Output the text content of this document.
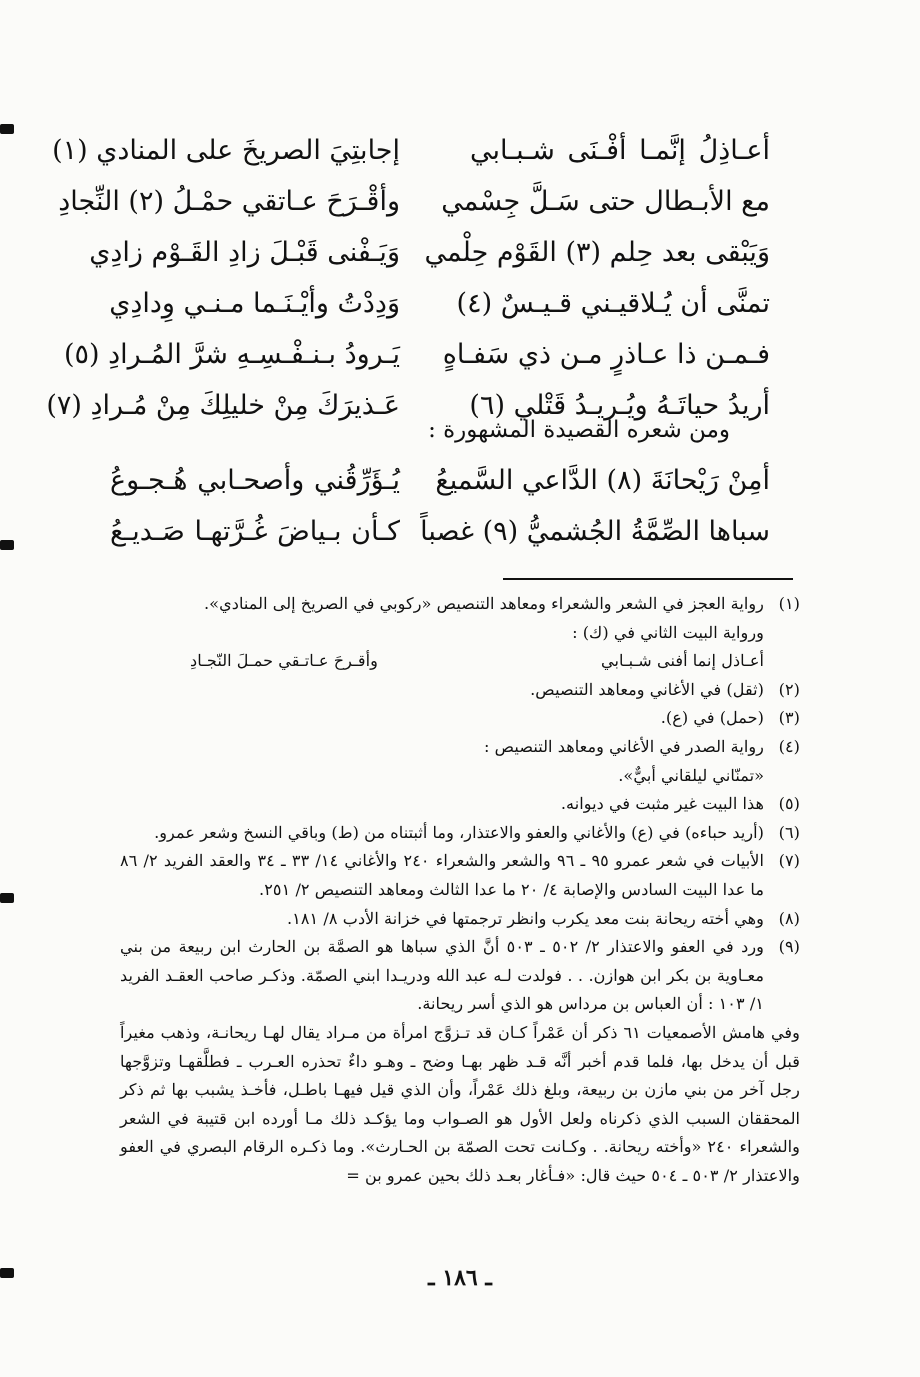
أعـاذِلُ إنَّمـا أفْـنَى شـبـابي
إجابتِيَ الصريخَ على المنادي (١)
مع الأبـطال حتى سَـلَّ جِسْمي
وأقْـرَحَ عـاتقي حمْـلُ (٢) النِّجادِ
وَيَبْقى بعد حِلم (٣) القَوْم حِلْمي
وَيَـفْنى قَبْـلَ زادِ القَـوْم زادِي
تمنَّى أن يُـلاقيـني قـيـسٌ (٤)
وَدِدْتُ وأيْـنَـما مـنـي وِدادِي
فـمـن ذا عـاذرٍ مـن ذي سَفـاهٍ
يَـرودُ بـنـفْـسِـهِ شرَّ المُـرادِ (٥)
أريدُ حياتَـهُ ويُـريـدُ قَتْلي (٦)
عَـذيرَكَ مِنْ خليلِكَ مِنْ مُـرادِ (٧)
ومن شعره القصيدة المشهورة :
أمِنْ رَيْحانَةَ (٨) الدَّاعي السَّميعُ
يُـؤَرِّقُني وأصحـابي هُـجـوعُ
سباها الصِّمَّةُ الجُشميُّ (٩) غصباً
كـأن بـياضَ غُـرَّتهـا صَـديـعُ
(١)
رواية العجز في الشعر والشعراء ومعاهد التنصيص «ركوبي في الصريخ إلى المنادي».
ورواية البيت الثاني في (ك) :
أعـاذل إنما أفنى شـبـابي
وأقـرحَ عـاتـقي حمـلَ النّجـادِ
(٢)
(ثقل) في الأغاني ومعاهد التنصيص.
(٣)
(حمل) في (ع).
(٤)
رواية الصدر في الأغاني ومعاهد التنصيص :
«تمنّاني ليلقاني أبيٌّ».
(٥)
هذا البيت غير مثبت في ديوانه.
(٦)
(أريد حباءه) في (ع) والأغاني والعفو والاعتذار، وما أثبتناه من (ط) وباقي النسخ وشعر عمرو.
(٧)
الأبيات في شعر عمرو ٩٥ ـ ٩٦ والشعر والشعراء ٢٤٠ والأغاني ١٤/ ٣٣ ـ ٣٤ والعقد الفريد ٢/ ٨٦ ما عدا البيت السادس والإصابة ٤/ ٢٠ ما عدا الثالث ومعاهد التنصيص ٢/ ٢٥١.
(٨)
وهي أخته ريحانة بنت معد يكرب وانظر ترجمتها في خزانة الأدب ٨/ ١٨١.
(٩)
ورد في العفو والاعتذار ٢/ ٥٠٢ ـ ٥٠٣ أنَّ الذي سباها هو الصمَّة بن الحارث ابن ربيعة من بني معـاوية بن بكر ابن هوازن. . . فولدت لـه عبد الله ودريـدا ابني الصمّة. وذكـر صاحب العقـد الفريد ١/ ١٠٣ : أن العباس بن مرداس هو الذي أسر ريحانة.
وفي هامش الأصمعيات ٦١ ذكر أن عَمْراً كـان قد تـزوَّج امرأة من مـراد يقال لهـا ريحانـة، وذهب مغيراً قبل أن يدخل بها، فلما قدم أخبر أنَّه قـد ظهر بهـا وضح ـ وهـو داءٌ تحذره العـرب ـ فطلَّقهـا وتزوَّجها رجل آخر من بني مازن بن ربيعة، وبلغ ذلك عَمْراً، وأن الذي قيل فيهـا باطـل، فأخـذ يشبب بها ثم ذكر المحققان السبب الذي ذكرناه ولعل الأول هو الصـواب وما يؤكـد ذلك مـا أورده ابن قتيبة في الشعر والشعراء ٢٤٠ «وأخته ريحانة. . وكـانت تحت الصمّة بن الحـارث». وما ذكـره الرقام البصري في العفو والاعتذار ٢/ ٥٠٣ ـ ٥٠٤ حيث قال: «فـأغار بعـد ذلك بحين عمرو بن =
ـ ١٨٦ ـ
